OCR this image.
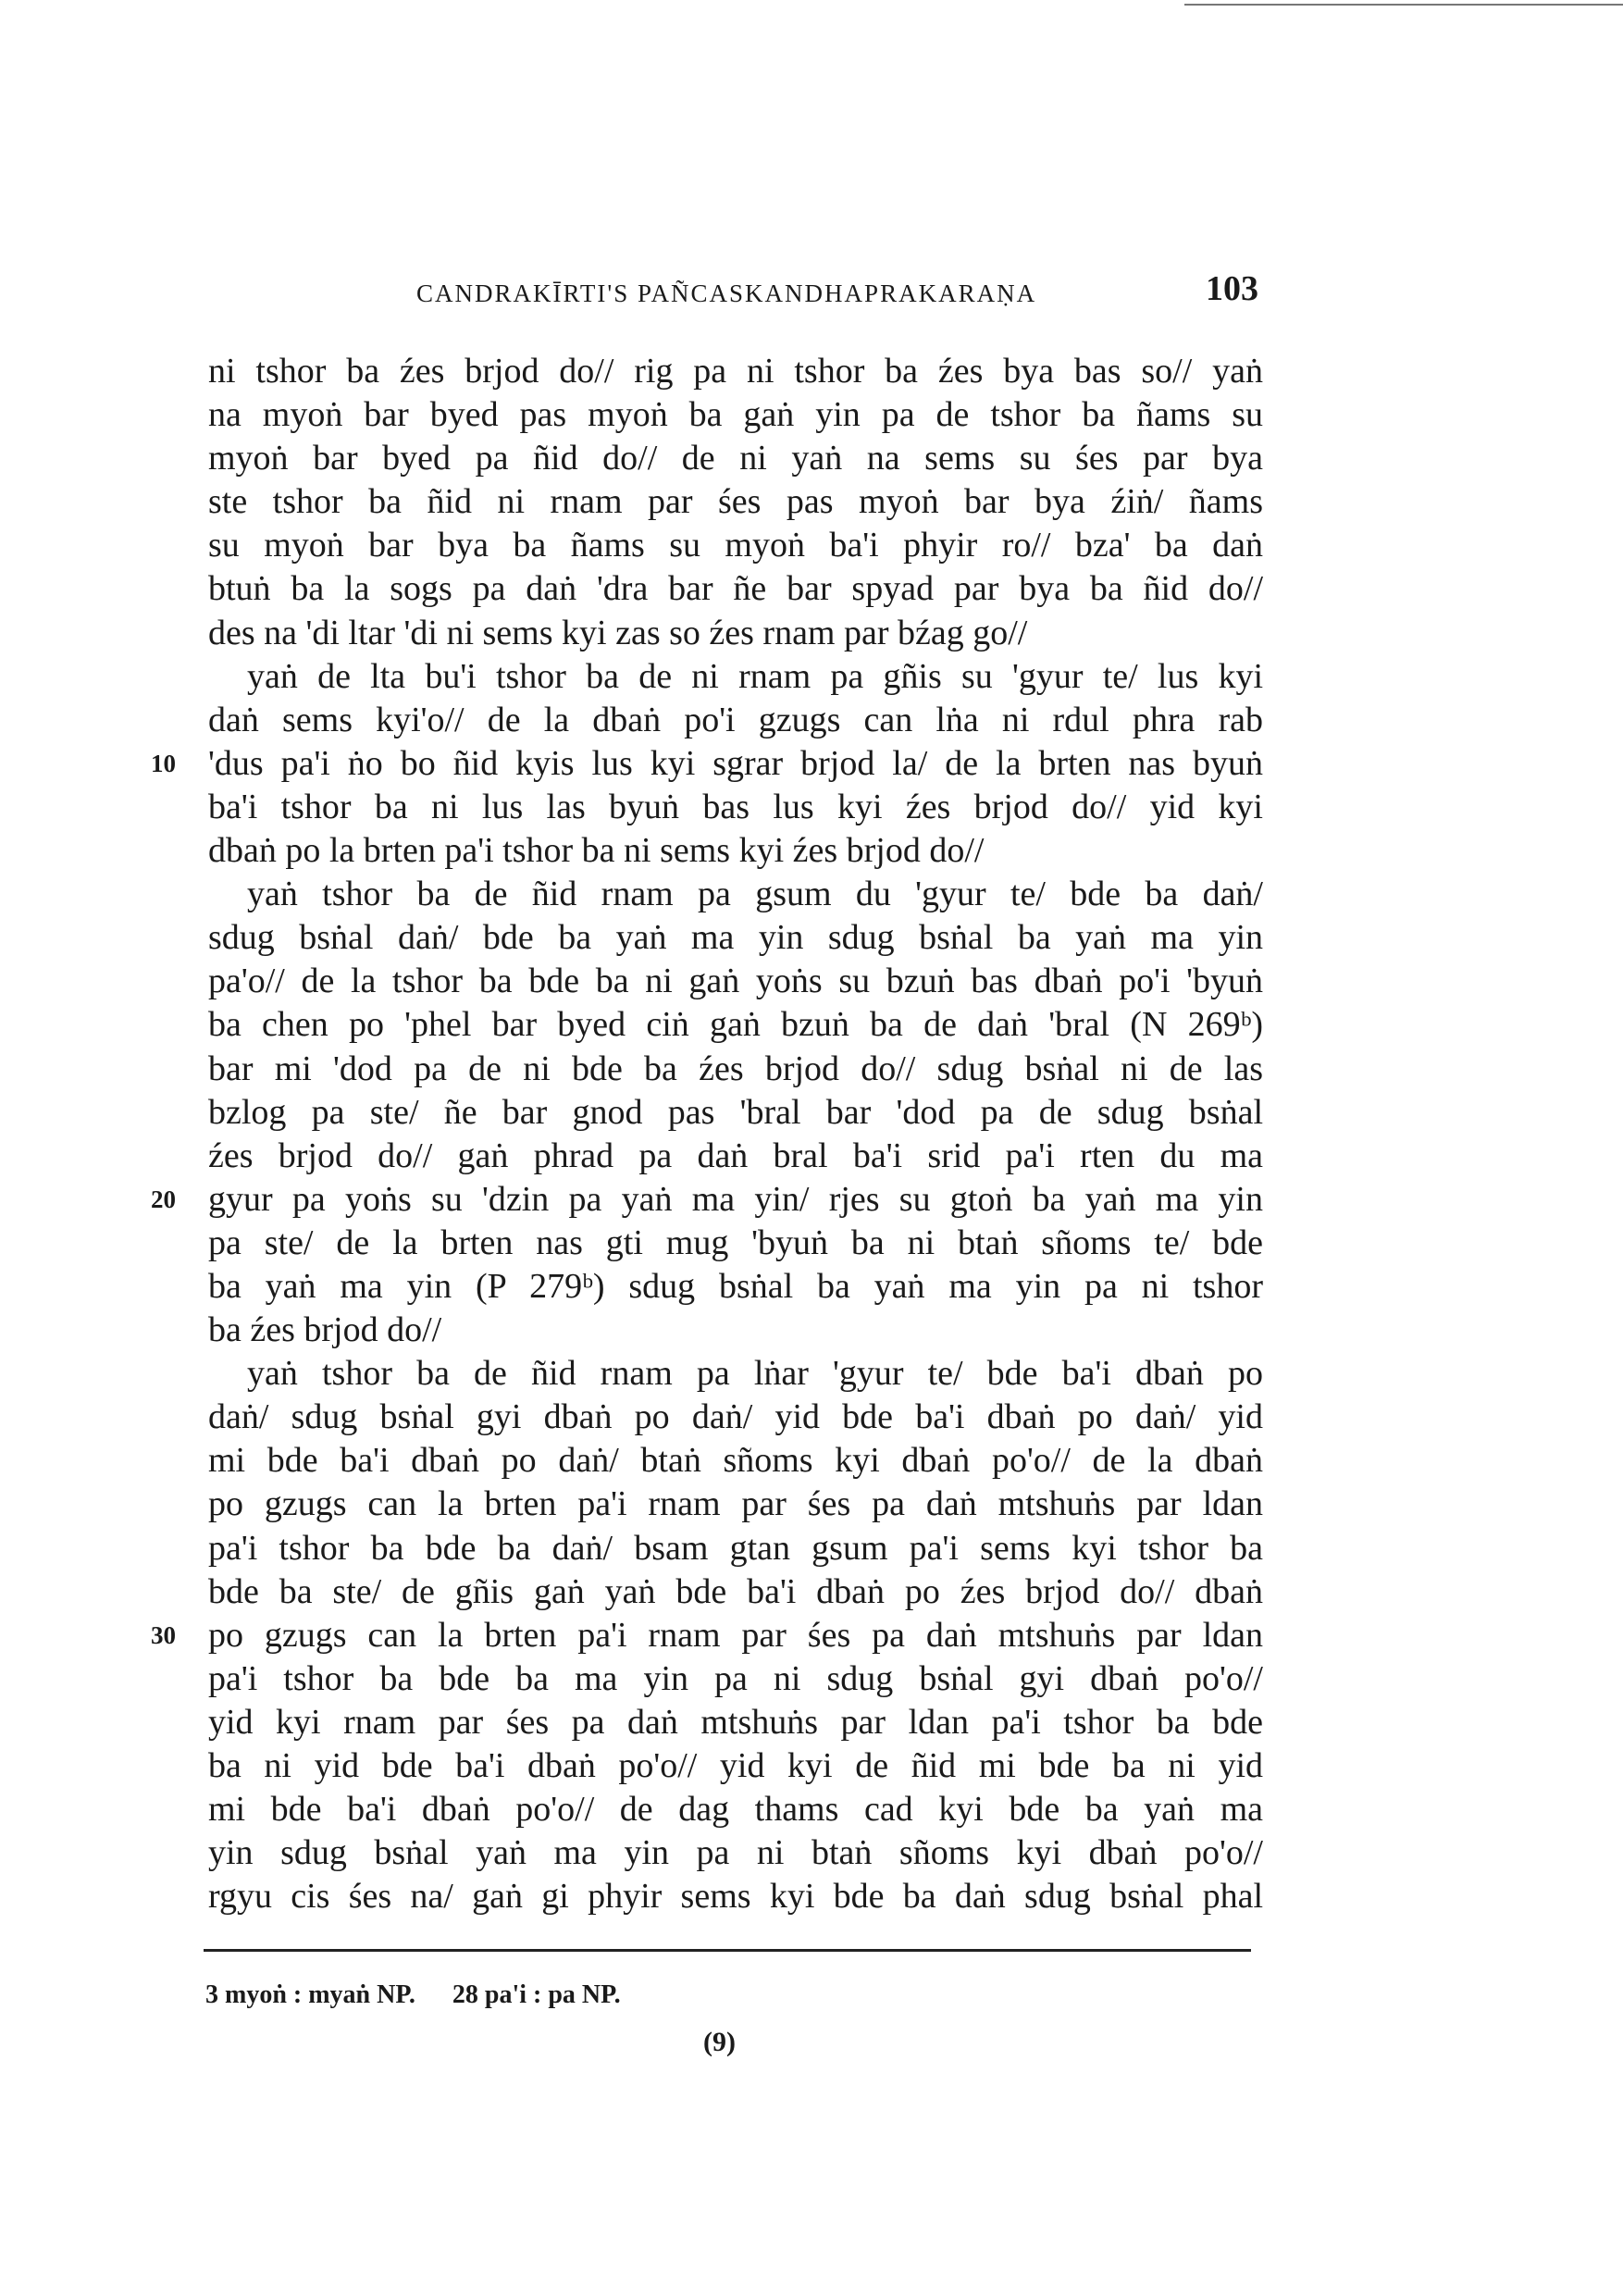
CANDRAKĪRTI'S PAÑCASKANDHAPRAKARAṆA	103
ni tshor ba źes brjod do// rig pa ni tshor ba źes bya bas so// yaṅ
na myoṅ bar byed pas myoṅ ba gaṅ yin pa de tshor ba ñams su
myoṅ bar byed pa ñid do// de ni yaṅ na sems su śes par bya
ste tshor ba ñid ni rnam par śes pas myoṅ bar bya źiṅ/ ñams
su myoṅ bar bya ba ñams su myoṅ ba'i phyir ro// bza' ba daṅ
btuṅ ba la sogs pa daṅ 'dra bar ñe bar spyad par bya ba ñid do//
des na 'di ltar 'di ni sems kyi zas so źes rnam par bźag go//
yaṅ de lta bu'i tshor ba de ni rnam pa gñis su 'gyur te/ lus kyi
daṅ sems kyi'o// de la dbaṅ po'i gzugs can lṅa ni rdul phra rab
10 'dus pa'i ṅo bo ñid kyis lus kyi sgrar brjod la/ de la brten nas byuṅ
ba'i tshor ba ni lus las byuṅ bas lus kyi źes brjod do// yid kyi
dbaṅ po la brten pa'i tshor ba ni sems kyi źes brjod do//
yaṅ tshor ba de ñid rnam pa gsum du 'gyur te/ bde ba daṅ/
sdug bsṅal daṅ/ bde ba yaṅ ma yin sdug bsṅal ba yaṅ ma yin
pa'o// de la tshor ba bde ba ni gaṅ yoṅs su bzuṅ bas dbaṅ po'i 'byuṅ
ba chen po 'phel bar byed ciṅ gaṅ bzuṅ ba de daṅ 'bral (N 269ᵇ)
bar mi 'dod pa de ni bde ba źes brjod do// sdug bsṅal ni de las
bzlog pa ste/ ñe bar gnod pas 'bral bar 'dod pa de sdug bsṅal
źes brjod do// gaṅ phrad pa daṅ bral ba'i srid pa'i rten du ma
20 gyur pa yoṅs su 'dzin pa yaṅ ma yin/ rjes su gtoṅ ba yaṅ ma yin
pa ste/ de la brten nas gti mug 'byuṅ ba ni btaṅ sñoms te/ bde
ba yaṅ ma yin (P 279ᵇ) sdug bsṅal ba yaṅ ma yin pa ni tshor
ba źes brjod do//
yaṅ tshor ba de ñid rnam pa lṅar 'gyur te/ bde ba'i dbaṅ po
daṅ/ sdug bsṅal gyi dbaṅ po daṅ/ yid bde ba'i dbaṅ po daṅ/ yid
mi bde ba'i dbaṅ po daṅ/ btaṅ sñoms kyi dbaṅ po'o// de la dbaṅ
po gzugs can la brten pa'i rnam par śes pa daṅ mtshuṅs par ldan
pa'i tshor ba bde ba daṅ/ bsam gtan gsum pa'i sems kyi tshor ba
bde ba ste/ de gñis gaṅ yaṅ bde ba'i dbaṅ po źes brjod do// dbaṅ
30 po gzugs can la brten pa'i rnam par śes pa daṅ mtshuṅs par ldan
pa'i tshor ba bde ba ma yin pa ni sdug bsṅal gyi dbaṅ po'o//
yid kyi rnam par śes pa daṅ mtshuṅs par ldan pa'i tshor ba bde
ba ni yid bde ba'i dbaṅ po'o// yid kyi de ñid mi bde ba ni yid
mi bde ba'i dbaṅ po'o// de dag thams cad kyi bde ba yaṅ ma
yin sdug bsṅal yaṅ ma yin pa ni btaṅ sñoms kyi dbaṅ po'o//
rgyu cis śes na/ gaṅ gi phyir sems kyi bde ba daṅ sdug bsṅal phal
3 myoṅ : myaṅ NP. 28 pa'i : pa NP.
(9)
